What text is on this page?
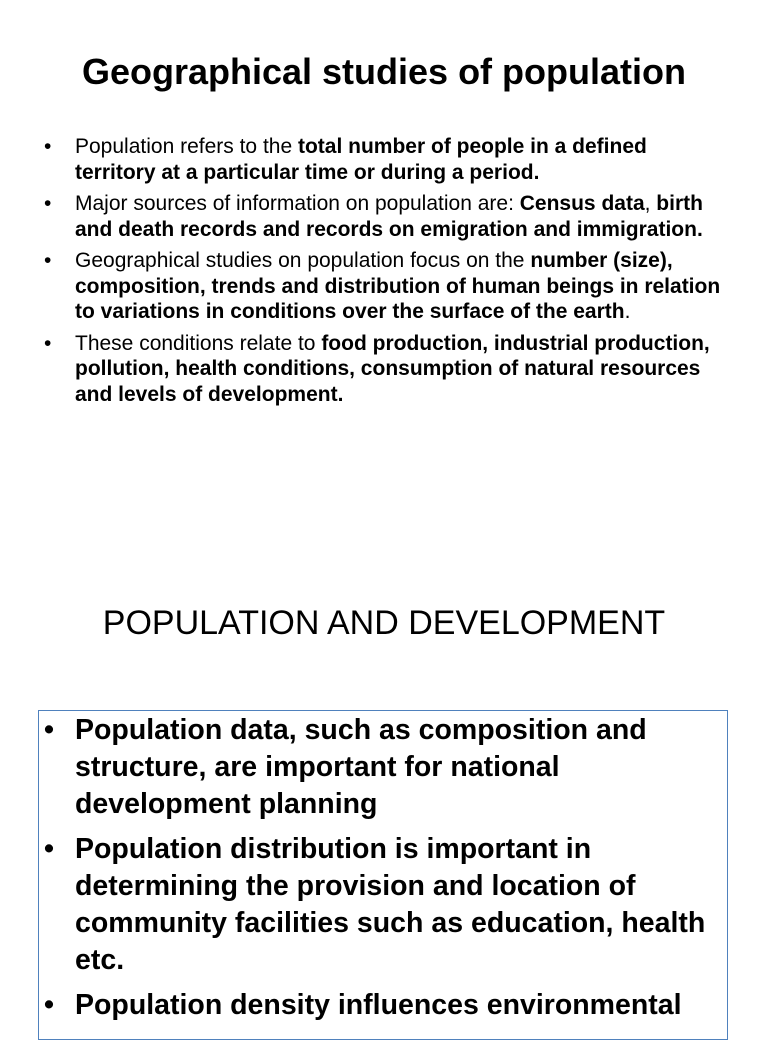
Geographical studies of population
• Population refers to the total number of people in a defined territory at a particular time or during a period.
• Major sources of information on population are: Census data, birth and death records and records on emigration and immigration.
• Geographical studies on population focus on the number (size), composition, trends and distribution of human beings in relation to variations in conditions over the surface of the earth.
• These conditions relate to food production, industrial production, pollution, health conditions, consumption of natural resources and levels of development.
POPULATION AND DEVELOPMENT
• Population data, such as composition and structure, are important for national development planning
• Population distribution is important in determining the provision and location of community facilities such as education, health etc.
• Population density influences environmental
